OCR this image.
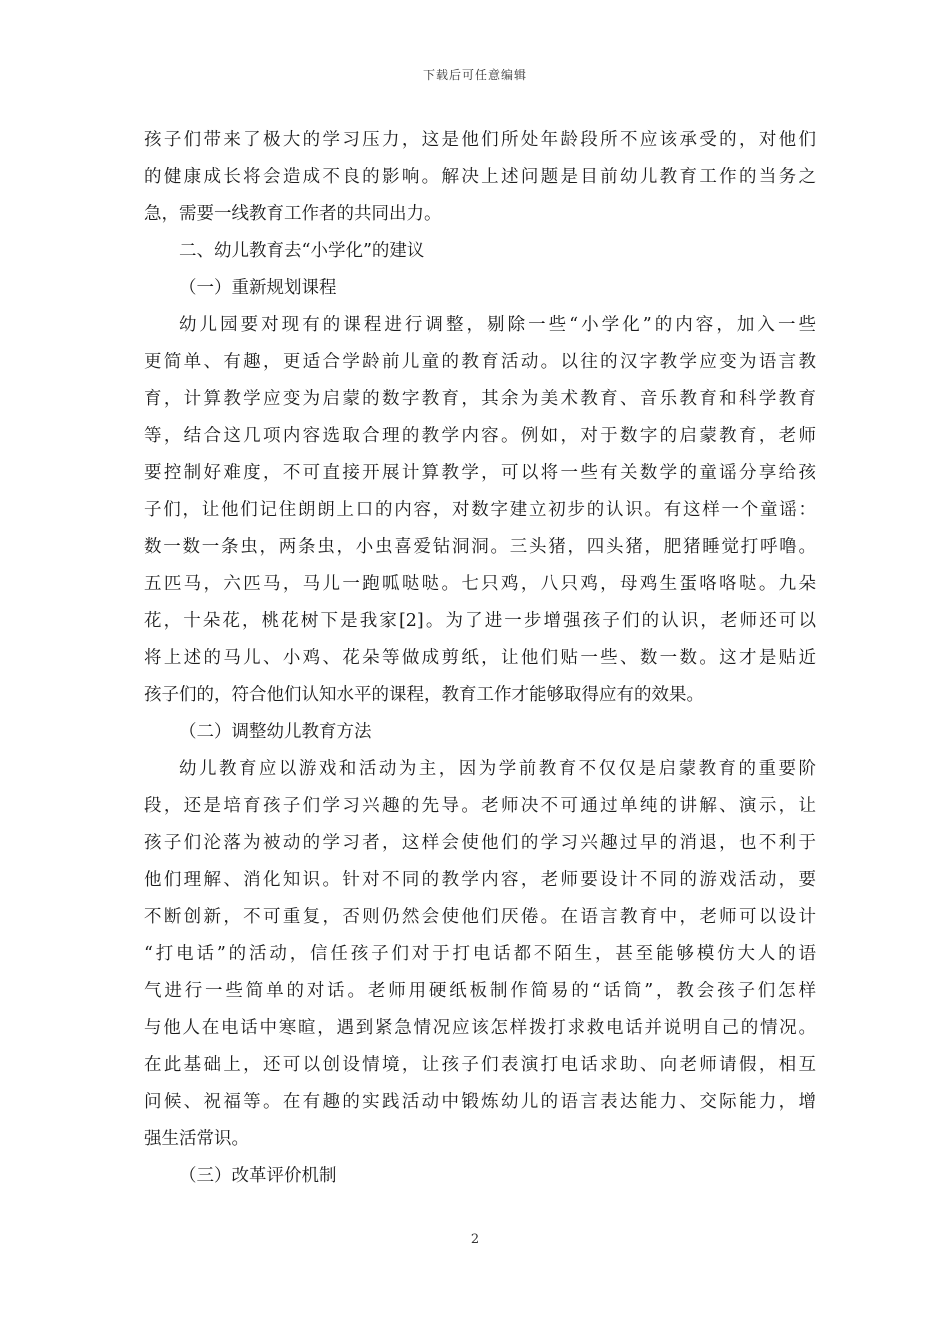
下载后可任意编辑
孩子们带来了极大的学习压力，这是他们所处年龄段所不应该承受的，对他们
的健康成长将会造成不良的影响。解决上述问题是目前幼儿教育工作的当务之
急，需要一线教育工作者的共同出力。
二、幼儿教育去“小学化”的建议
（一）重新规划课程
幼儿园要对现有的课程进行调整，剔除一些“小学化”的内容，加入一些
更简单、有趣，更适合学龄前儿童的教育活动。以往的汉字教学应变为语言教
育，计算教学应变为启蒙的数字教育，其余为美术教育、音乐教育和科学教育
等，结合这几项内容选取合理的教学内容。例如，对于数字的启蒙教育，老师
要控制好难度，不可直接开展计算教学，可以将一些有关数学的童谣分享给孩
子们，让他们记住朗朗上口的内容，对数字建立初步的认识。有这样一个童谣：
数一数一条虫，两条虫，小虫喜爱钻洞洞。三头猪，四头猪，肥猪睡觉打呼噜。
五匹马，六匹马，马儿一跑呱哒哒。七只鸡，八只鸡，母鸡生蛋咯咯哒。九朵
花，十朵花，桃花树下是我家[2]。为了进一步增强孩子们的认识，老师还可以
将上述的马儿、小鸡、花朵等做成剪纸，让他们贴一些、数一数。这才是贴近
孩子们的，符合他们认知水平的课程，教育工作才能够取得应有的效果。
（二）调整幼儿教育方法
幼儿教育应以游戏和活动为主，因为学前教育不仅仅是启蒙教育的重要阶
段，还是培育孩子们学习兴趣的先导。老师决不可通过单纯的讲解、演示，让
孩子们沦落为被动的学习者，这样会使他们的学习兴趣过早的消退，也不利于
他们理解、消化知识。针对不同的教学内容，老师要设计不同的游戏活动，要
不断创新，不可重复，否则仍然会使他们厌倦。在语言教育中，老师可以设计
“打电话”的活动，信任孩子们对于打电话都不陌生，甚至能够模仿大人的语
气进行一些简单的对话。老师用硬纸板制作简易的“话筒”，教会孩子们怎样
与他人在电话中寒暄，遇到紧急情况应该怎样拨打求救电话并说明自己的情况。
在此基础上，还可以创设情境，让孩子们表演打电话求助、向老师请假，相互
问候、祝福等。在有趣的实践活动中锻炼幼儿的语言表达能力、交际能力，增
强生活常识。
（三）改革评价机制
2
